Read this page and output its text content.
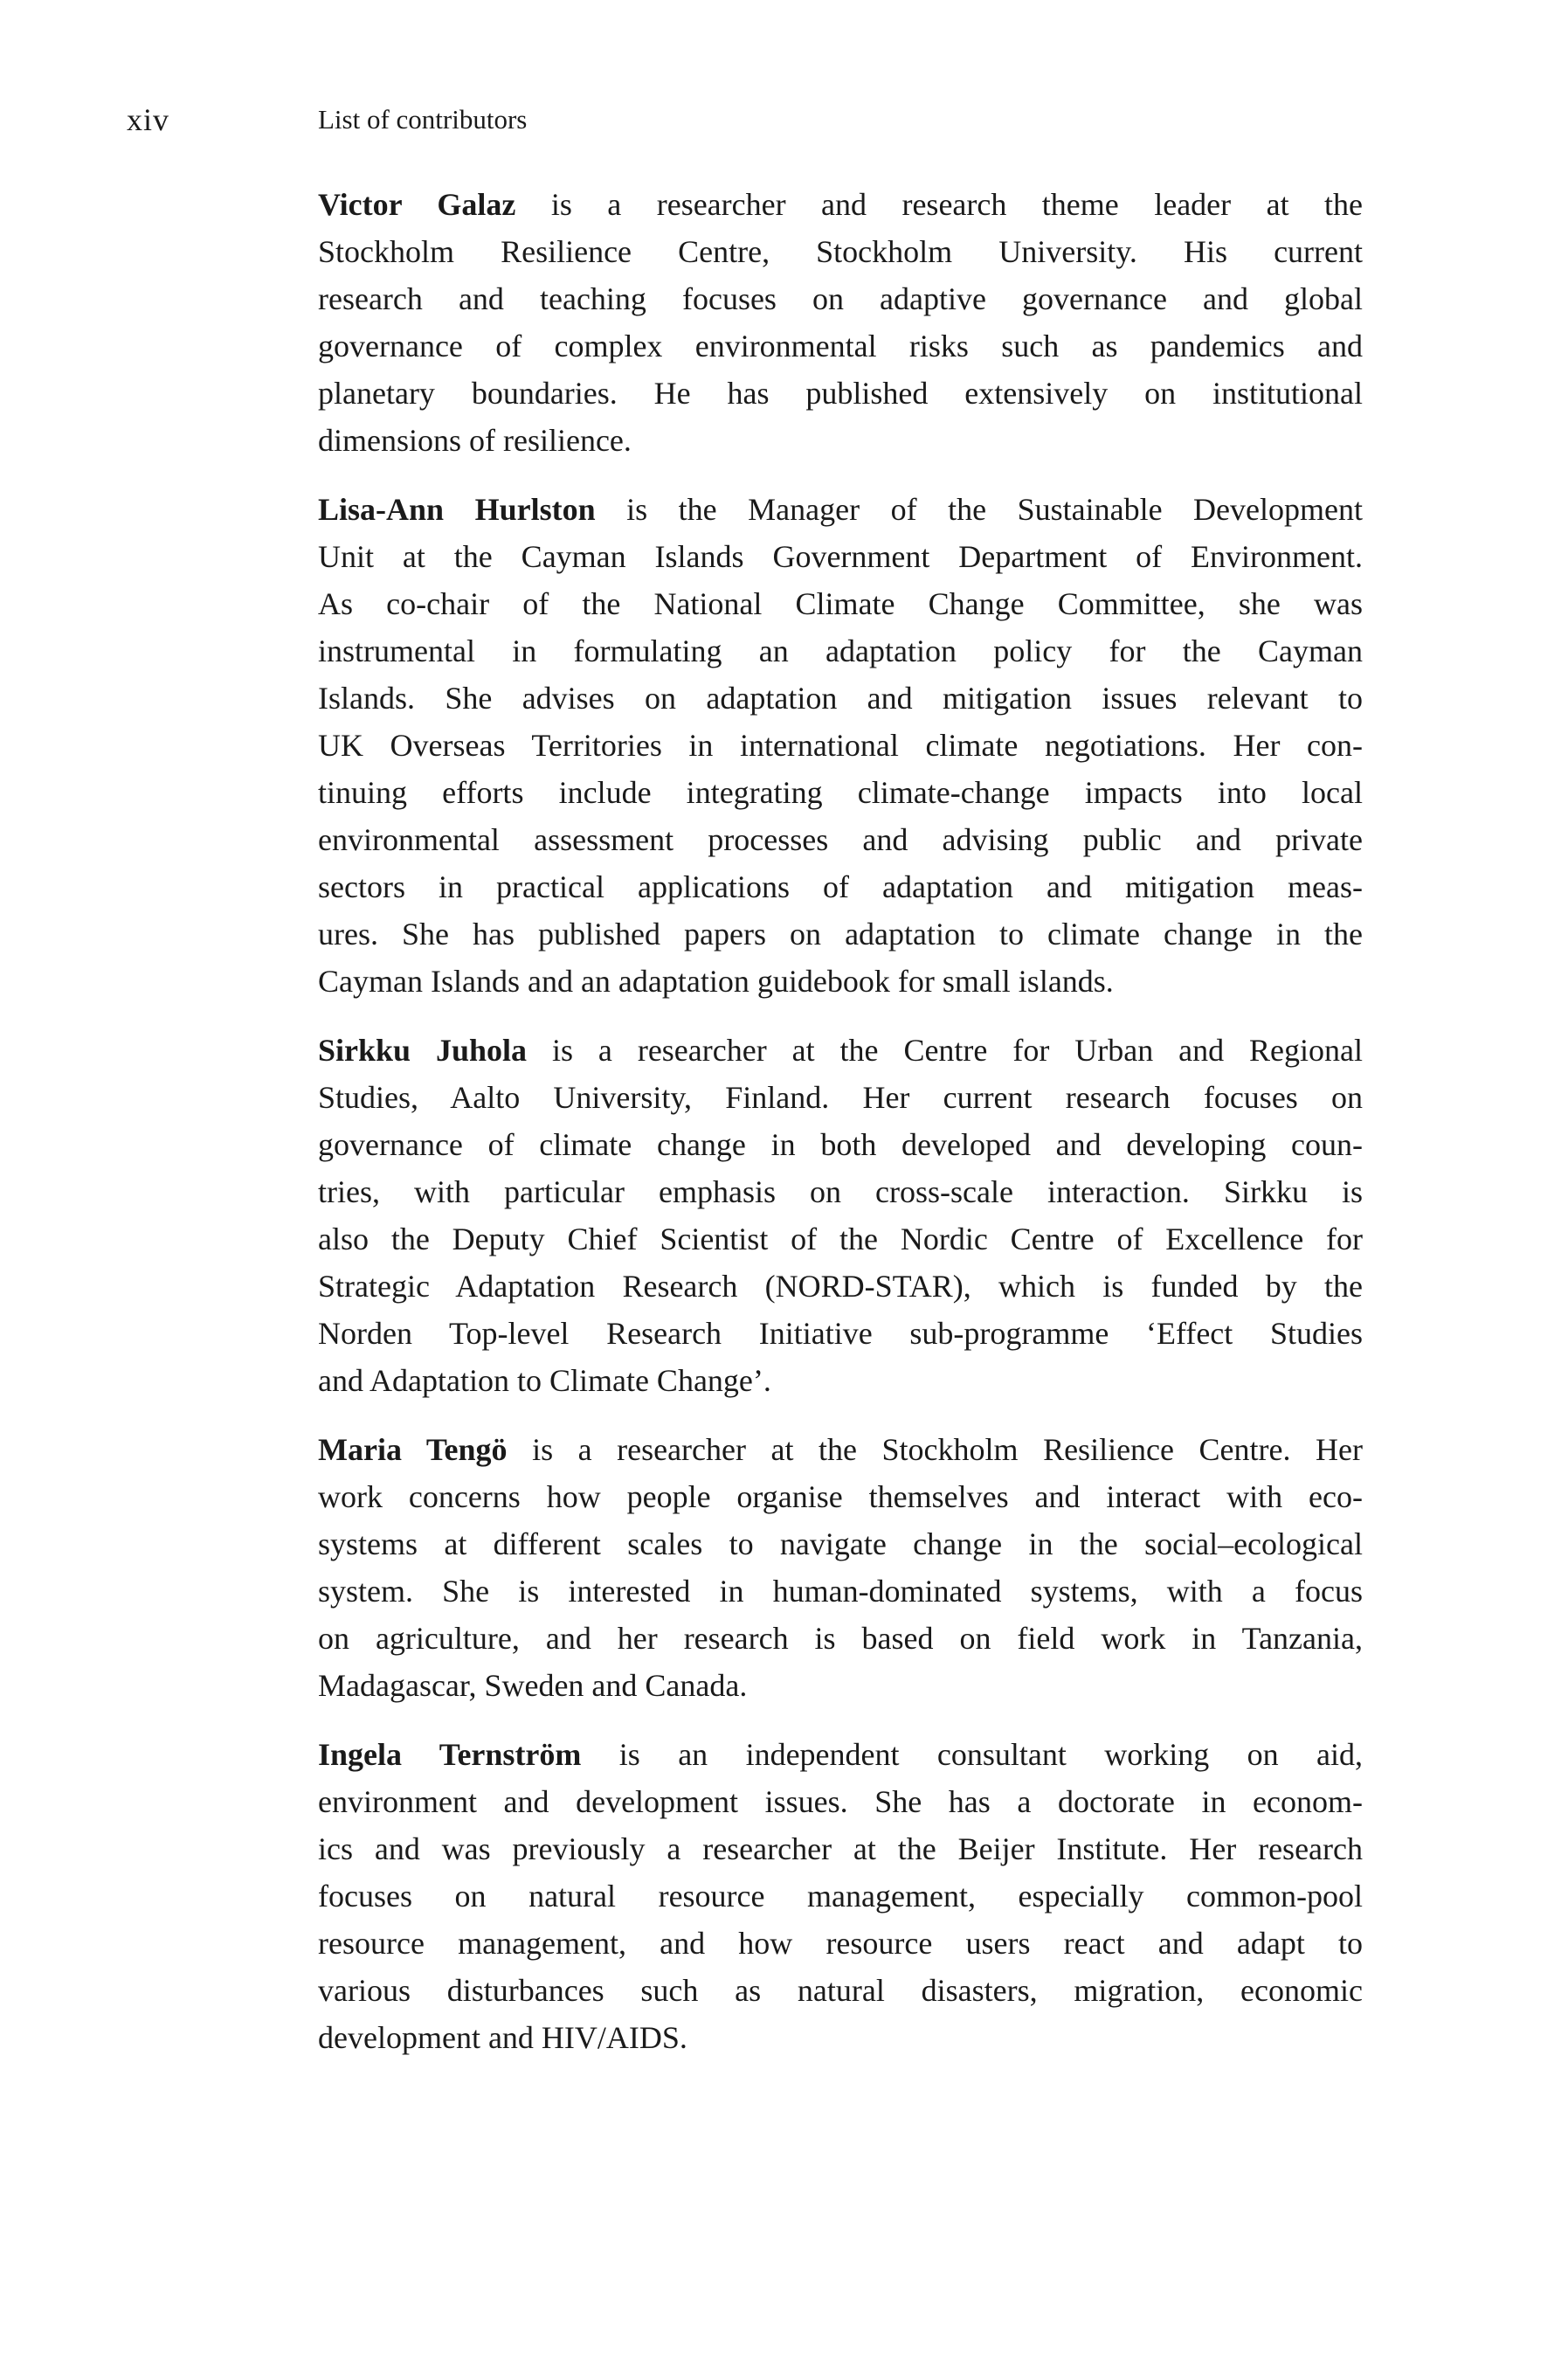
xiv	List of contributors
Victor Galaz is a researcher and research theme leader at the
Stockholm Resilience Centre, Stockholm University. His current
research and teaching focuses on adaptive governance and global
governance of complex environmental risks such as pandemics and
planetary boundaries. He has published extensively on institutional
dimensions of resilience.
Lisa-Ann Hurlston is the Manager of the Sustainable Development
Unit at the Cayman Islands Government Department of Environment.
As co-chair of the National Climate Change Committee, she was
instrumental in formulating an adaptation policy for the Cayman
Islands. She advises on adaptation and mitigation issues relevant to
UK Overseas Territories in international climate negotiations. Her con-
tinuing efforts include integrating climate-change impacts into local
environmental assessment processes and advising public and private
sectors in practical applications of adaptation and mitigation meas-
ures. She has published papers on adaptation to climate change in the
Cayman Islands and an adaptation guidebook for small islands.
Sirkku Juhola is a researcher at the Centre for Urban and Regional
Studies, Aalto University, Finland. Her current research focuses on
governance of climate change in both developed and developing coun-
tries, with particular emphasis on cross-scale interaction. Sirkku is
also the Deputy Chief Scientist of the Nordic Centre of Excellence for
Strategic Adaptation Research (NORD-STAR), which is funded by the
Norden Top-level Research Initiative sub-programme ‘Effect Studies
and Adaptation to Climate Change’.
Maria Tengö is a researcher at the Stockholm Resilience Centre. Her
work concerns how people organise themselves and interact with eco-
systems at different scales to navigate change in the social–ecological
system. She is interested in human-dominated systems, with a focus
on agriculture, and her research is based on field work in Tanzania,
Madagascar, Sweden and Canada.
Ingela Ternström is an independent consultant working on aid,
environment and development issues. She has a doctorate in econom-
ics and was previously a researcher at the Beijer Institute. Her research
focuses on natural resource management, especially common-pool
resource management, and how resource users react and adapt to
various disturbances such as natural disasters, migration, economic
development and HIV/AIDS.
